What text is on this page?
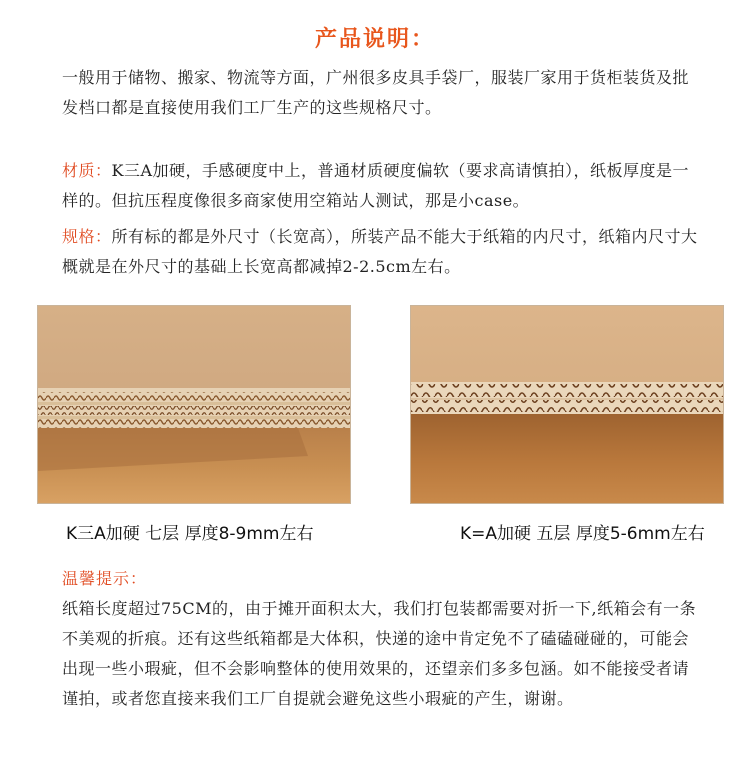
产品说明：
一般用于储物、搬家、物流等方面，广州很多皮具手袋厂，服装厂家用于货柜装货及批发档口都是直接使用我们工厂生产的这些规格尺寸。
材质：K三A加硬，手感硬度中上，普通材质硬度偏软（要求高请慎拍），纸板厚度是一样的。但抗压程度像很多商家使用空箱站人测试，那是小case。
规格：所有标的都是外尺寸（长宽高），所装产品不能大于纸箱的内尺寸，纸箱内尺寸大概就是在外尺寸的基础上长宽高都减掉2-2.5cm左右。
K三A加硬 七层 厚度8-9mm左右	K=A加硬 五层 厚度5-6mm左右
温馨提示：
纸箱长度超过75CM的，由于摊开面积太大，我们打包装都需要对折一下,纸箱会有一条不美观的折痕。还有这些纸箱都是大体积，快递的途中肯定免不了磕磕碰碰的，可能会出现一些小瑕疵，但不会影响整体的使用效果的，还望亲们多多包涵。如不能接受者请谨拍，或者您直接来我们工厂自提就会避免这些小瑕疵的产生，谢谢。
